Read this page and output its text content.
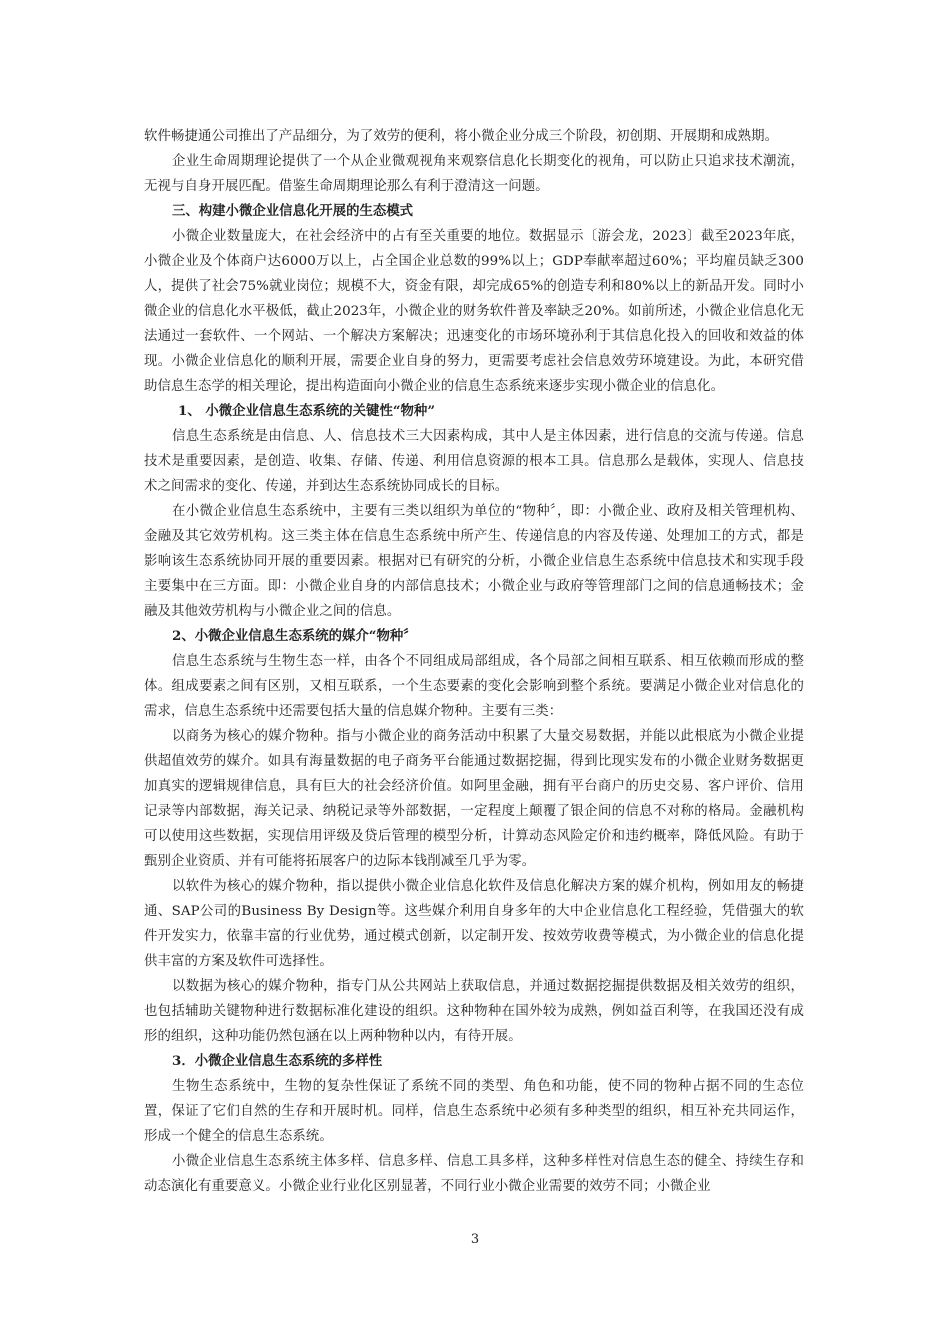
软件畅捷通公司推出了产品细分，为了效劳的便利，将小微企业分成三个阶段，初创期、开展期和成熟期。

企业生命周期理论提供了一个从企业微观视角来观察信息化长期变化的视角，可以防止只追求技术潮流，无视与自身开展匹配。借鉴生命周期理论那么有利于澄清这一问题。

三、构建小微企业信息化开展的生态模式

小微企业数量庞大，在社会经济中的占有至关重要的地位。数据显示〔游会龙，2023〕截至2023年底，小微企业及个体商户达6000万以上，占全国企业总数的99%以上；GDP奉献率超过60%；平均雇员缺乏300人，提供了社会75%就业岗位；规模不大，资金有限，却完成65%的创造专利和80%以上的新品开发。同时小微企业的信息化水平极低，截止2023年，小微企业的财务软件普及率缺乏20%。如前所述，小微企业信息化无法通过一套软件、一个网站、一个解决方案解决；迅速变化的市场环境孙利于其信息化投入的回收和效益的体现。小微企业信息化的顺利开展，需要企业自身的努力，更需要考虑社会信息效劳环境建设。为此，本研究借助信息生态学的相关理论，提出构造面向小微企业的信息生态系统来逐步实现小微企业的信息化。

1、 小微企业信息生态系统的关键性“物种”

信息生态系统是由信息、人、信息技术三大因素构成，其中人是主体因素，进行信息的交流与传递。信息技术是重要因素，是创造、收集、存储、传递、利用信息资源的根本工具。信息那么是载体，实现人、信息技术之间需求的变化、传递，并到达生态系统协同成长的目标。

在小微企业信息生态系统中，主要有三类以组织为单位的“物种〞，即：小微企业、政府及相关管理机构、金融及其它效劳机构。这三类主体在信息生态系统中所产生、传递信息的内容及传递、处理加工的方式，都是影响该生态系统协同开展的重要因素。根据对已有研究的分析，小微企业信息生态系统中信息技术和实现手段主要集中在三方面。即：小微企业自身的内部信息技术；小微企业与政府等管理部门之间的信息通畅技术；金融及其他效劳机构与小微企业之间的信息。

2、小微企业信息生态系统的媒介“物种〞

信息生态系统与生物生态一样，由各个不同组成局部组成，各个局部之间相互联系、相互依赖而形成的整体。组成要素之间有区别，又相互联系，一个生态要素的变化会影响到整个系统。要满足小微企业对信息化的需求，信息生态系统中还需要包括大量的信息媒介物种。主要有三类：

以商务为核心的媒介物种。指与小微企业的商务活动中积累了大量交易数据，并能以此根底为小微企业提供超值效劳的媒介。如具有海量数据的电子商务平台能通过数据挖掘，得到比现实发布的小微企业财务数据更加真实的逻辑规律信息，具有巨大的社会经济价值。如阿里金融，拥有平台商户的历史交易、客户评价、信用记录等内部数据，海关记录、纳税记录等外部数据，一定程度上颠覆了银企间的信息不对称的格局。金融机构可以使用这些数据，实现信用评级及贷后管理的模型分析，计算动态风险定价和违约概率，降低风险。有助于甄别企业资质、并有可能将拓展客户的边际本钱削减至几乎为零。

以软件为核心的媒介物种，指以提供小微企业信息化软件及信息化解决方案的媒介机构，例如用友的畅捷通、SAP公司的Business By Design等。这些媒介利用自身多年的大中企业信息化工程经验，凭借强大的软件开发实力，依靠丰富的行业优势，通过模式创新，以定制开发、按效劳收费等模式，为小微企业的信息化提供丰富的方案及软件可选择性。

以数据为核心的媒介物种，指专门从公共网站上获取信息，并通过数据挖掘提供数据及相关效劳的组织，也包括辅助关键物种进行数据标准化建设的组织。这种物种在国外较为成熟，例如益百利等，在我国还没有成形的组织，这种功能仍然包涵在以上两种物种以内，有待开展。

3．小微企业信息生态系统的多样性

生物生态系统中，生物的复杂性保证了系统不同的类型、角色和功能，使不同的物种占据不同的生态位置，保证了它们自然的生存和开展时机。同样，信息生态系统中必须有多种类型的组织，相互补充共同运作，形成一个健全的信息生态系统。

小微企业信息生态系统主体多样、信息多样、信息工具多样，这种多样性对信息生态的健全、持续生存和动态演化有重要意义。小微企业行业化区别显著，不同行业小微企业需要的效劳不同；小微企业

3
